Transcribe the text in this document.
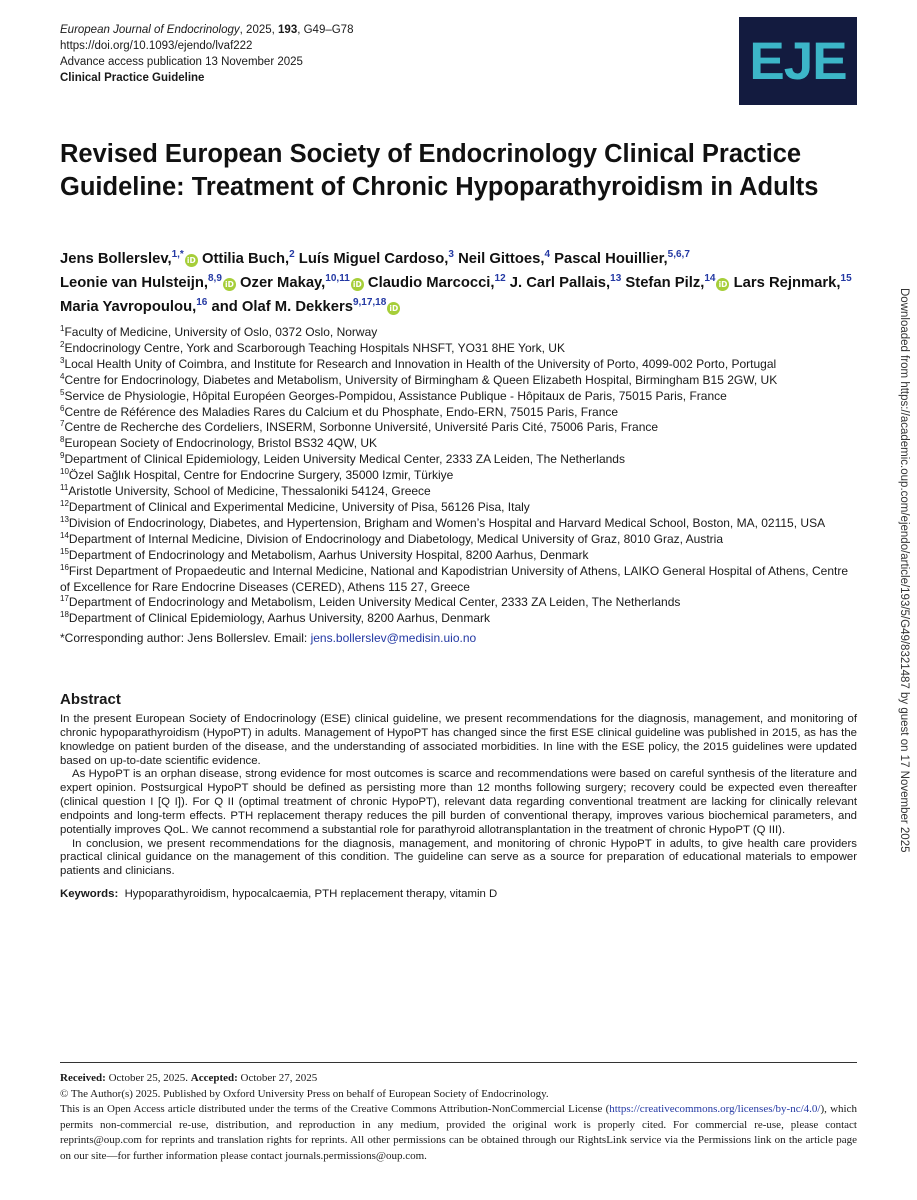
European Journal of Endocrinology, 2025, 193, G49–G78
https://doi.org/10.1093/ejendo/lvaf222
Advance access publication 13 November 2025
Clinical Practice Guideline	EJE
Revised European Society of Endocrinology Clinical Practice Guideline: Treatment of Chronic Hypoparathyroidism in Adults

Jens Bollerslev,$^{1,*}$iD Ottilia Buch,$^2$ Luís Miguel Cardoso,$^3$ Neil Gittoes,$^4$ Pascal Houillier,$^{5,6,7}$ Leonie van Hulsteijn,$^{8,9}$iD Ozer Makay,$^{10,11}$iD Claudio Marcocci,$^{12}$ J. Carl Pallais,$^{13}$ Stefan Pilz,$^{14}$iD Lars Rejnmark,$^{15}$ Maria Yavropoulou,$^{16}$ and Olaf M. Dekkers$^{9,17,18}$iD

$^1$Faculty of Medicine, University of Oslo, 0372 Oslo, Norway
$^2$Endocrinology Centre, York and Scarborough Teaching Hospitals NHSFT, YO31 8HE York, UK
$^3$Local Health Unity of Coimbra, and Institute for Research and Innovation in Health of the University of Porto, 4099-002 Porto, Portugal
$^4$Centre for Endocrinology, Diabetes and Metabolism, University of Birmingham & Queen Elizabeth Hospital, Birmingham B15 2GW, UK
$^5$Service de Physiologie, Hôpital Européen Georges-Pompidou, Assistance Publique - Hôpitaux de Paris, 75015 Paris, France
$^6$Centre de Référence des Maladies Rares du Calcium et du Phosphate, Endo-ERN, 75015 Paris, France
$^7$Centre de Recherche des Cordeliers, INSERM, Sorbonne Université, Université Paris Cité, 75006 Paris, France
$^8$European Society of Endocrinology, Bristol BS32 4QW, UK
$^9$Department of Clinical Epidemiology, Leiden University Medical Center, 2333 ZA Leiden, The Netherlands
$^{10}$Özel Sağlık Hospital, Centre for Endocrine Surgery, 35000 Izmir, Türkiye
$^{11}$Aristotle University, School of Medicine, Thessaloniki 54124, Greece
$^{12}$Department of Clinical and Experimental Medicine, University of Pisa, 56126 Pisa, Italy
$^{13}$Division of Endocrinology, Diabetes, and Hypertension, Brigham and Women’s Hospital and Harvard Medical School, Boston, MA, 02115, USA
$^{14}$Department of Internal Medicine, Division of Endocrinology and Diabetology, Medical University of Graz, 8010 Graz, Austria
$^{15}$Department of Endocrinology and Metabolism, Aarhus University Hospital, 8200 Aarhus, Denmark
$^{16}$First Department of Propaedeutic and Internal Medicine, National and Kapodistrian University of Athens, LAIKO General Hospital of Athens, Centre of Excellence for Rare Endocrine Diseases (CERED), Athens 115 27, Greece
$^{17}$Department of Endocrinology and Metabolism, Leiden University Medical Center, 2333 ZA Leiden, The Netherlands
$^{18}$Department of Clinical Epidemiology, Aarhus University, 8200 Aarhus, Denmark
*Corresponding author: Jens Bollerslev. Email: jens.bollerslev@medisin.uio.no
Abstract

In the present European Society of Endocrinology (ESE) clinical guideline, we present recommendations for the diagnosis, management, and monitoring of chronic hypoparathyroidism (HypoPT) in adults. Management of HypoPT has changed since the first ESE clinical guideline was published in 2015, as has the knowledge on patient burden of the disease, and the understanding of associated morbidities. In line with the ESE policy, the 2015 guidelines were updated based on up-to-date scientific evidence.

As HypoPT is an orphan disease, strong evidence for most outcomes is scarce and recommendations were based on careful synthesis of the literature and expert opinion. Postsurgical HypoPT should be defined as persisting more than 12 months following surgery; recovery could be expected even thereafter (clinical question I [Q I]). For Q II (optimal treatment of chronic HypoPT), relevant data regarding conventional treatment are lacking for clinically relevant endpoints and long-term effects. PTH replacement therapy reduces the pill burden of conventional therapy, improves various biochemical parameters, and potentially improves QoL. We cannot recommend a substantial role for parathyroid allotransplantation in the treatment of chronic HypoPT (Q III).

In conclusion, we present recommendations for the diagnosis, management, and monitoring of chronic HypoPT in adults, to give health care providers practical clinical guidance on the management of this condition. The guideline can serve as a source for preparation of educational materials to empower patients and clinicians.

Keywords: Hypoparathyroidism, hypocalcaemia, PTH replacement therapy, vitamin D
Downloaded from https://academic.oup.com/ejendo/article/193/5/G49/8321487 by guest on 17 November 2025
Received: October 25, 2025. Accepted: October 27, 2025
© The Author(s) 2025. Published by Oxford University Press on behalf of European Society of Endocrinology.
This is an Open Access article distributed under the terms of the Creative Commons Attribution-NonCommercial License (https://creativecommons.org/licenses/by-nc/4.0/), which permits non-commercial re-use, distribution, and reproduction in any medium, provided the original work is properly cited. For commercial re-use, please contact reprints@oup.com for reprints and translation rights for reprints. All other permissions can be obtained through our RightsLink service via the Permissions link on the article page on our site—for further information please contact journals.permissions@oup.com.
